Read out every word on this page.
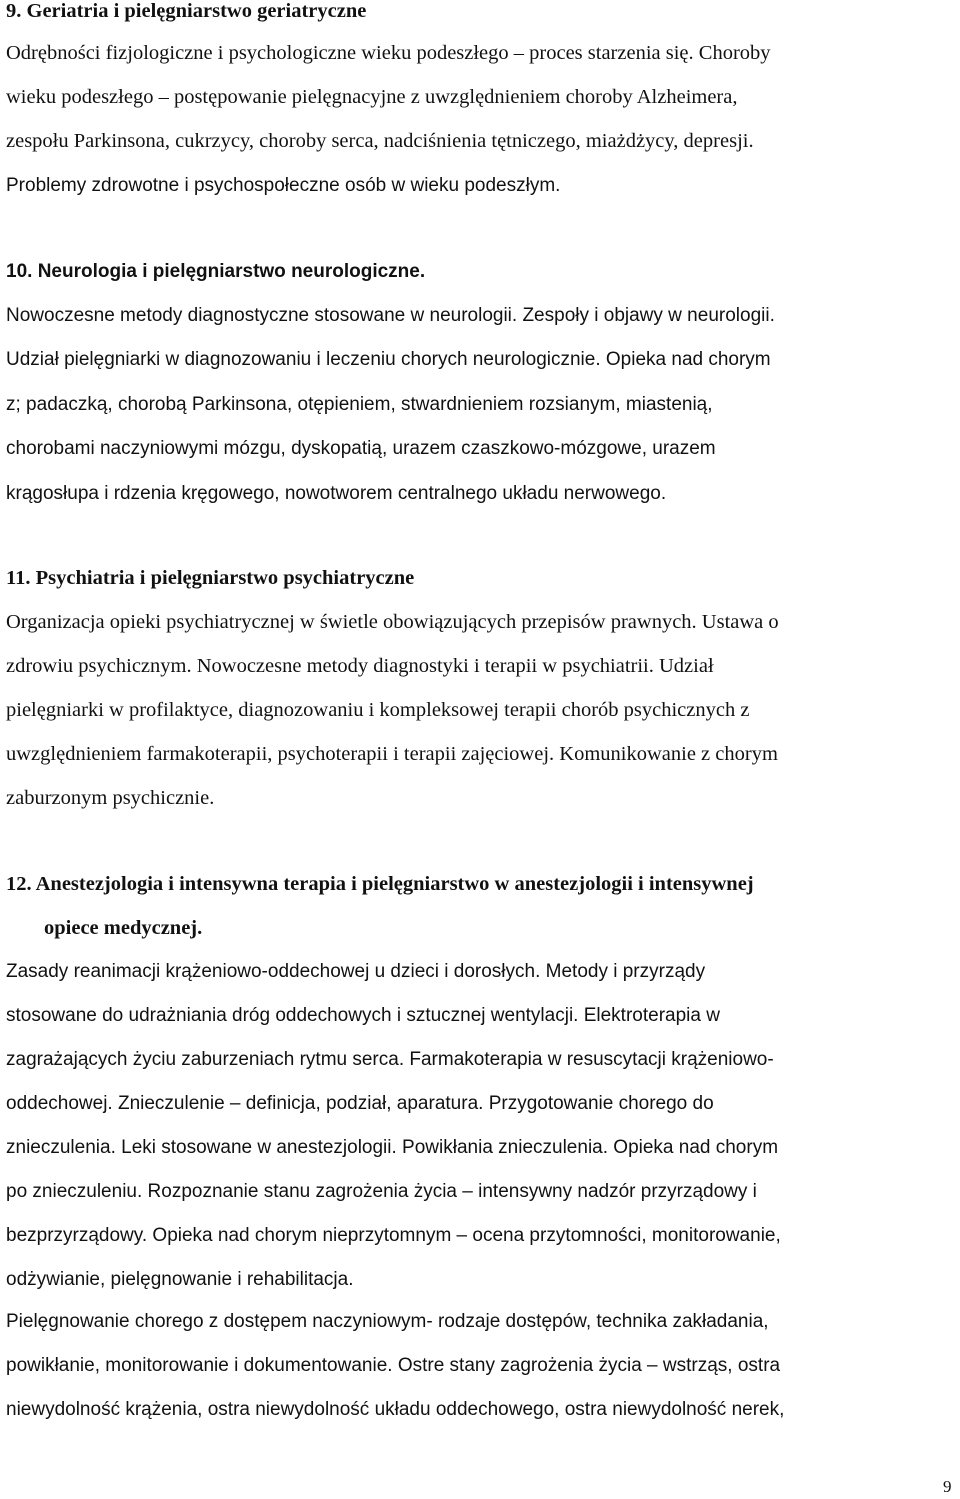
9. Geriatria i pielęgniarstwo geriatryczne
Odrębności fizjologiczne i psychologiczne wieku podeszłego – proces starzenia się. Choroby
wieku podeszłego – postępowanie pielęgnacyjne z uwzględnieniem choroby Alzheimera,
zespołu Parkinsona, cukrzycy, choroby serca, nadciśnienia tętniczego, miażdżycy, depresji.
Problemy zdrowotne i psychospołeczne osób w wieku podeszłym.
10. Neurologia i pielęgniarstwo neurologiczne.
Nowoczesne metody diagnostyczne stosowane w neurologii. Zespoły i objawy w neurologii.
Udział pielęgniarki w diagnozowaniu i leczeniu chorych neurologicznie. Opieka nad chorym
z; padaczką, chorobą Parkinsona, otępieniem, stwardnieniem rozsianym, miastenią,
chorobami naczyniowymi mózgu, dyskopatią, urazem czaszkowo-mózgowe, urazem
krągosłupa i rdzenia kręgowego, nowotworem centralnego układu nerwowego.
11. Psychiatria i pielęgniarstwo psychiatryczne
Organizacja opieki psychiatrycznej w świetle obowiązujących przepisów prawnych. Ustawa o
zdrowiu psychicznym. Nowoczesne metody diagnostyki i terapii w psychiatrii. Udział
pielęgniarki w profilaktyce, diagnozowaniu i kompleksowej terapii chorób psychicznych z
uwzględnieniem farmakoterapii, psychoterapii i terapii zajęciowej. Komunikowanie z chorym
zaburzonym psychicznie.
12. Anestezjologia i intensywna terapia i pielęgniarstwo w anestezjologii i intensywnej
opiece medycznej.
Zasady reanimacji krążeniowo-oddechowej u dzieci i dorosłych. Metody i przyrządy
stosowane do udrażniania dróg oddechowych i sztucznej wentylacji. Elektroterapia w
zagrażających życiu zaburzeniach rytmu serca. Farmakoterapia w resuscytacji krążeniowo-
oddechowej. Znieczulenie – definicja, podział, aparatura. Przygotowanie chorego do
znieczulenia. Leki stosowane w anestezjologii. Powikłania znieczulenia. Opieka nad chorym
po znieczuleniu. Rozpoznanie stanu zagrożenia życia – intensywny nadzór przyrządowy i
bezprzyrządowy. Opieka nad chorym nieprzytomnym – ocena przytomności, monitorowanie,
odżywianie, pielęgnowanie i rehabilitacja.
Pielęgnowanie chorego z dostępem naczyniowym- rodzaje dostępów, technika zakładania,
powikłanie, monitorowanie i dokumentowanie. Ostre stany zagrożenia życia – wstrząs, ostra
niewydolność krążenia, ostra niewydolność układu oddechowego, ostra niewydolność nerek,
9
